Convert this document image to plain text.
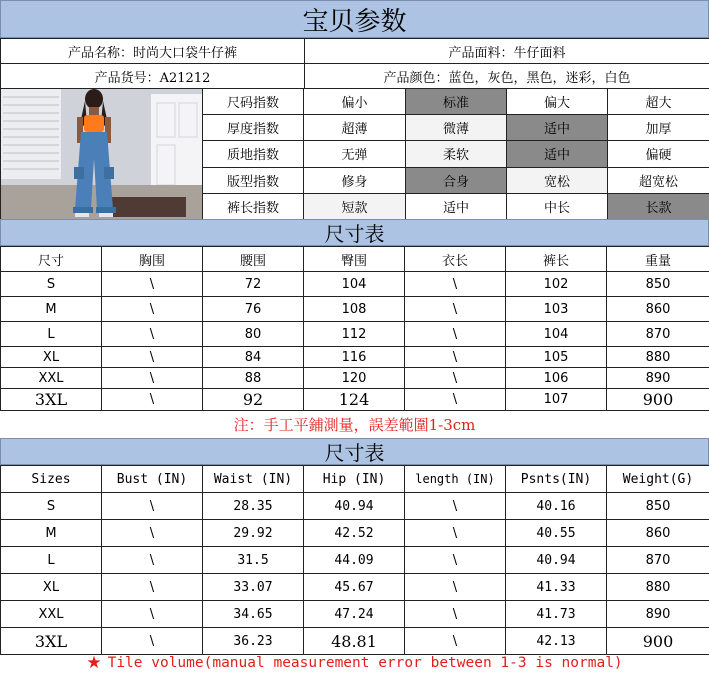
宝贝参数
产品名称：时尚大口袋牛仔裤	产品面料：牛仔面料
产品货号：A21212	产品颜色：蓝色，灰色，黑色，迷彩，白色
	尺码指数	偏小	标准	偏大	超大
	厚度指数	超薄	微薄	适中	加厚
	质地指数	无弹	柔软	适中	偏硬
	版型指数	修身	合身	宽松	超宽松
	裤长指数	短款	适中	中长	长款
尺寸表
尺寸	胸围	腰围	臀围	衣长	裤长	重量
S	\	72	104	\	102	850
M	\	76	108	\	103	860
L	\	80	112	\	104	870
XL	\	84	116	\	105	880
XXL	\	88	120	\	106	890
3XL	\	92	124	\	107	900
注：手工平鋪測量，誤差範圍1-3cm
尺寸表
Sizes	Bust (IN)	Waist (IN)	Hip (IN)	length (IN)	Psnts(IN)	Weight(G)
S	\	28.35	40.94	\	40.16	850
M	\	29.92	42.52	\	40.55	860
L	\	31.5	44.09	\	40.94	870
XL	\	33.07	45.67	\	41.33	880
XXL	\	34.65	47.24	\	41.73	890
3XL	\	36.23	48.81	\	42.13	900
★ Tile volume(manual measurement error between 1-3 is normal)
